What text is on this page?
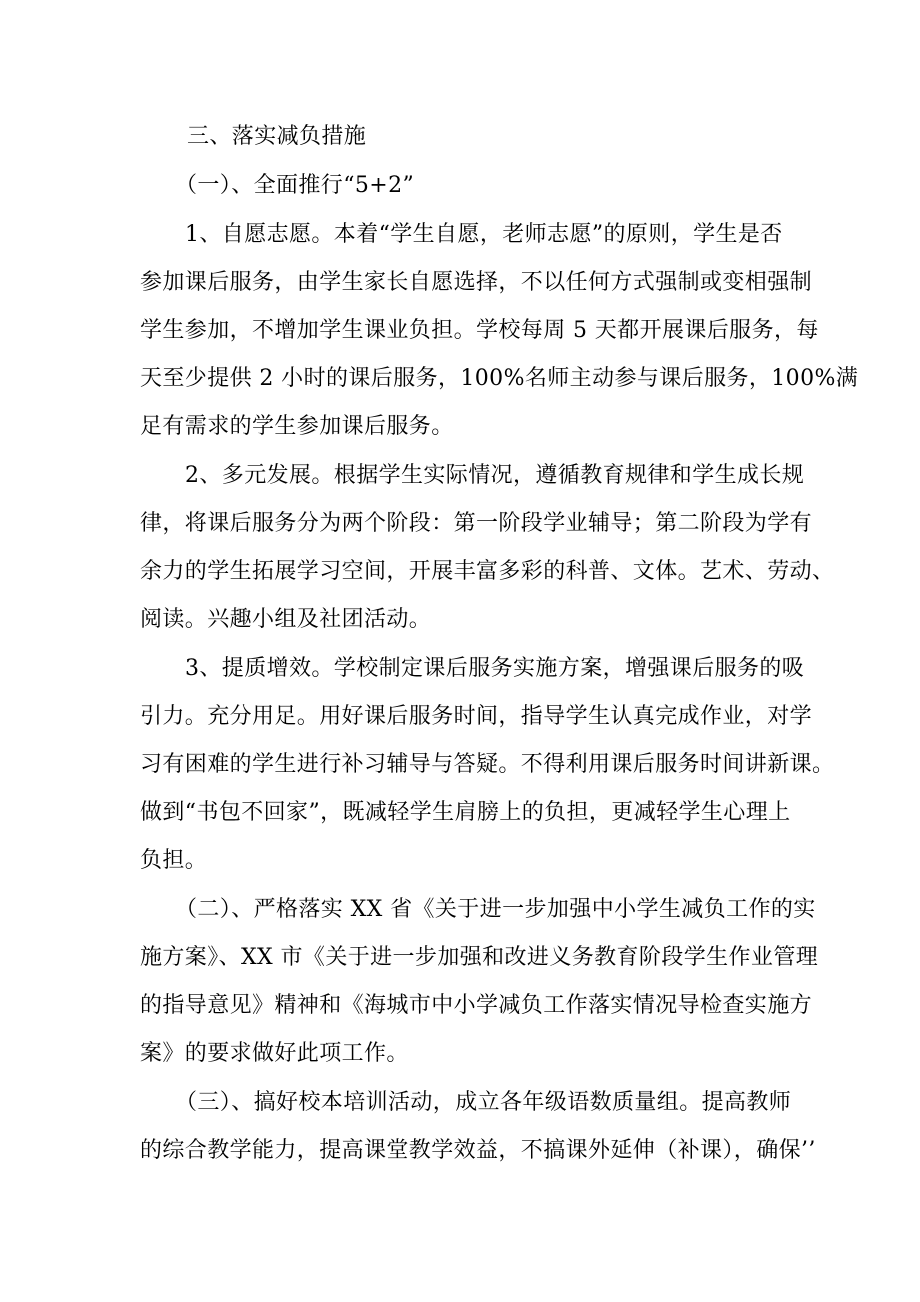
三、落实减负措施
（一）、全面推行“5+2”
1、自愿志愿。本着“学生自愿，老师志愿”的原则，学生是否
参加课后服务，由学生家长自愿选择，不以任何方式强制或变相强制
学生参加，不增加学生课业负担。学校每周 5 天都开展课后服务，每
天至少提供 2 小时的课后服务，100%名师主动参与课后服务，100%满
足有需求的学生参加课后服务。
2、多元发展。根据学生实际情况，遵循教育规律和学生成长规
律，将课后服务分为两个阶段：第一阶段学业辅导；第二阶段为学有
余力的学生拓展学习空间，开展丰富多彩的科普、文体。艺术、劳动、
阅读。兴趣小组及社团活动。
3、提质增效。学校制定课后服务实施方案，增强课后服务的吸
引力。充分用足。用好课后服务时间，指导学生认真完成作业，对学
习有困难的学生进行补习辅导与答疑。不得利用课后服务时间讲新课。
做到“书包不回家”，既减轻学生肩膀上的负担，更减轻学生心理上
负担。
（二）、严格落实 XX 省《关于进一步加强中小学生减负工作的实
施方案》、XX 市《关于进一步加强和改进义务教育阶段学生作业管理
的指导意见》精神和《海城市中小学减负工作落实情况导检查实施方
案》的要求做好此项工作。
（三）、搞好校本培训活动，成立各年级语数质量组。提高教师
的综合教学能力，提高课堂教学效益，不搞课外延伸（补课），确保’’
